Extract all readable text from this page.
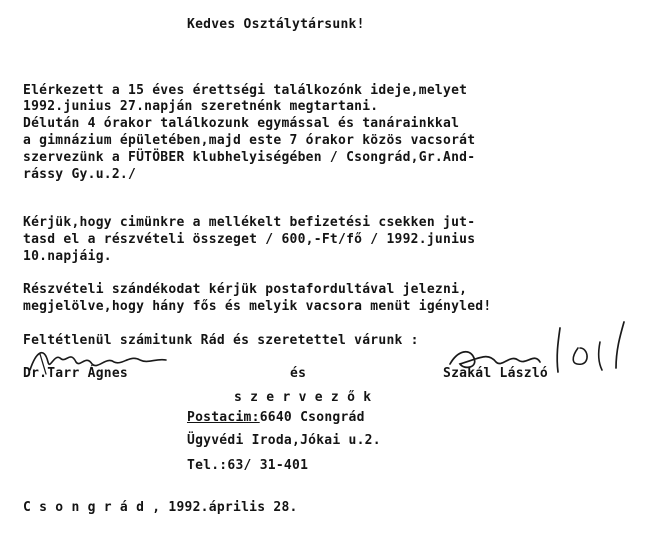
Kedves Osztálytársunk!
Elérkezett a 15 éves érettségi találkozónk ideje,melyet
1992.junius 27.napján szeretnénk megtartani.
Délután 4 órakor találkozunk egymással és tanárainkkal
a gimnázium épületében,majd este 7 órakor közös vacsorát
szervezünk a FÜTÖBER klubhelyiségében / Csongrád,Gr.And-
rássy Gy.u.2./
Kérjük,hogy cimünkre a mellékelt befizetési csekken jut-
tasd el a részvételi összeget / 600,-Ft/fő / 1992.junius
10.napjáig.
Részvételi szándékodat kérjük postafordultával jelezni,
megjelölve,hogy hány fős és melyik vacsora menüt igényled!
Feltétlenül számitunk Rád és szeretettel várunk :
Dr.Tarr Ágnes	és	Szakál László
s z e r v e z ő k
Postacim:6640 Csongrád
Ügyvédi Iroda,Jókai u.2.
Tel.:63/ 31-401
C s o n g r á d , 1992.április 28.
